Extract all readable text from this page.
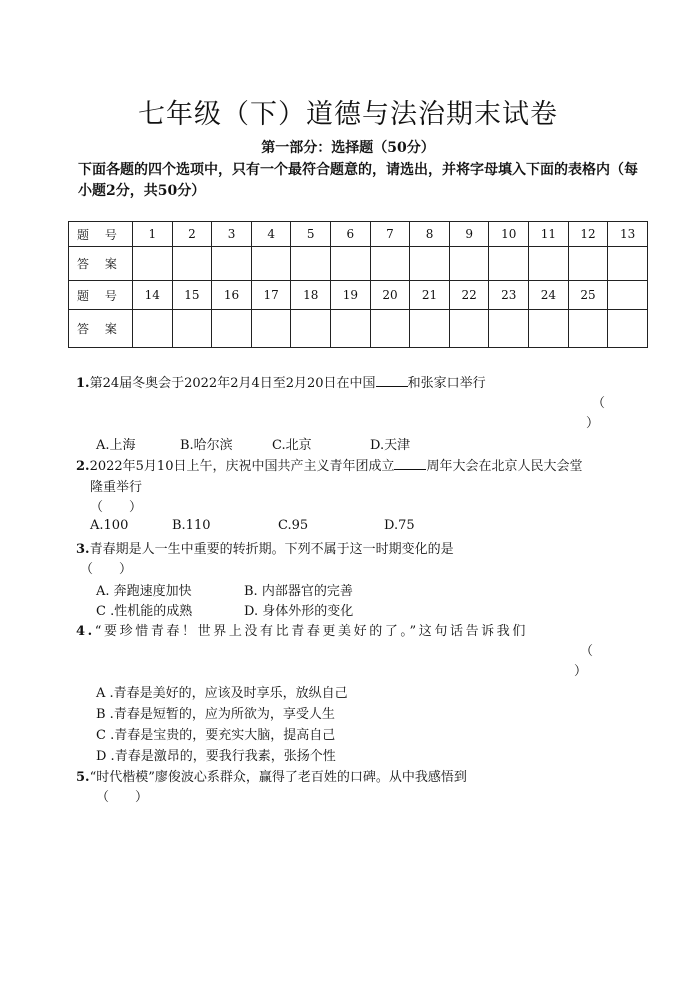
七年级（下）道德与法治期末试卷
第一部分：选择题（50分）
下面各题的四个选项中，只有一个最符合题意的，请选出，并将字母填入下面的表格内（每小题2分，共50分）
题 号	1	2	3	4	5	6	7	8	9	10	11	12	13
答 案													
题 号	14	15	16	17	18	19	20	21	22	23	24	25	
答 案													
1.第24届冬奥会于2022年2月4日至2月20日在中国 和张家口举行
（
）
A.上海	B.哈尔滨	C.北京	D.天津
2.2022年5月10日上午，庆祝中国共产主义青年团成立 周年大会在北京人民大会堂
隆重举行
（　　）
A.100	B.110	C.95	D.75
3.青春期是人一生中重要的转折期。下列不属于这一时期变化的是
（　　）
A. 奔跑速度加快	B. 内部器官的完善
C .性机能的成熟	D. 身体外形的变化
4.“要珍惜青春！世界上没有比青春更美好的了。”这句话告诉我们
（
）
A .青春是美好的，应该及时享乐，放纵自己
B .青春是短暂的，应为所欲为，享受人生
C .青春是宝贵的，要充实大脑，提高自己
D .青春是激昂的，要我行我素，张扬个性
5.“时代楷模”廖俊波心系群众，赢得了老百姓的口碑。从中我感悟到
（　　）
